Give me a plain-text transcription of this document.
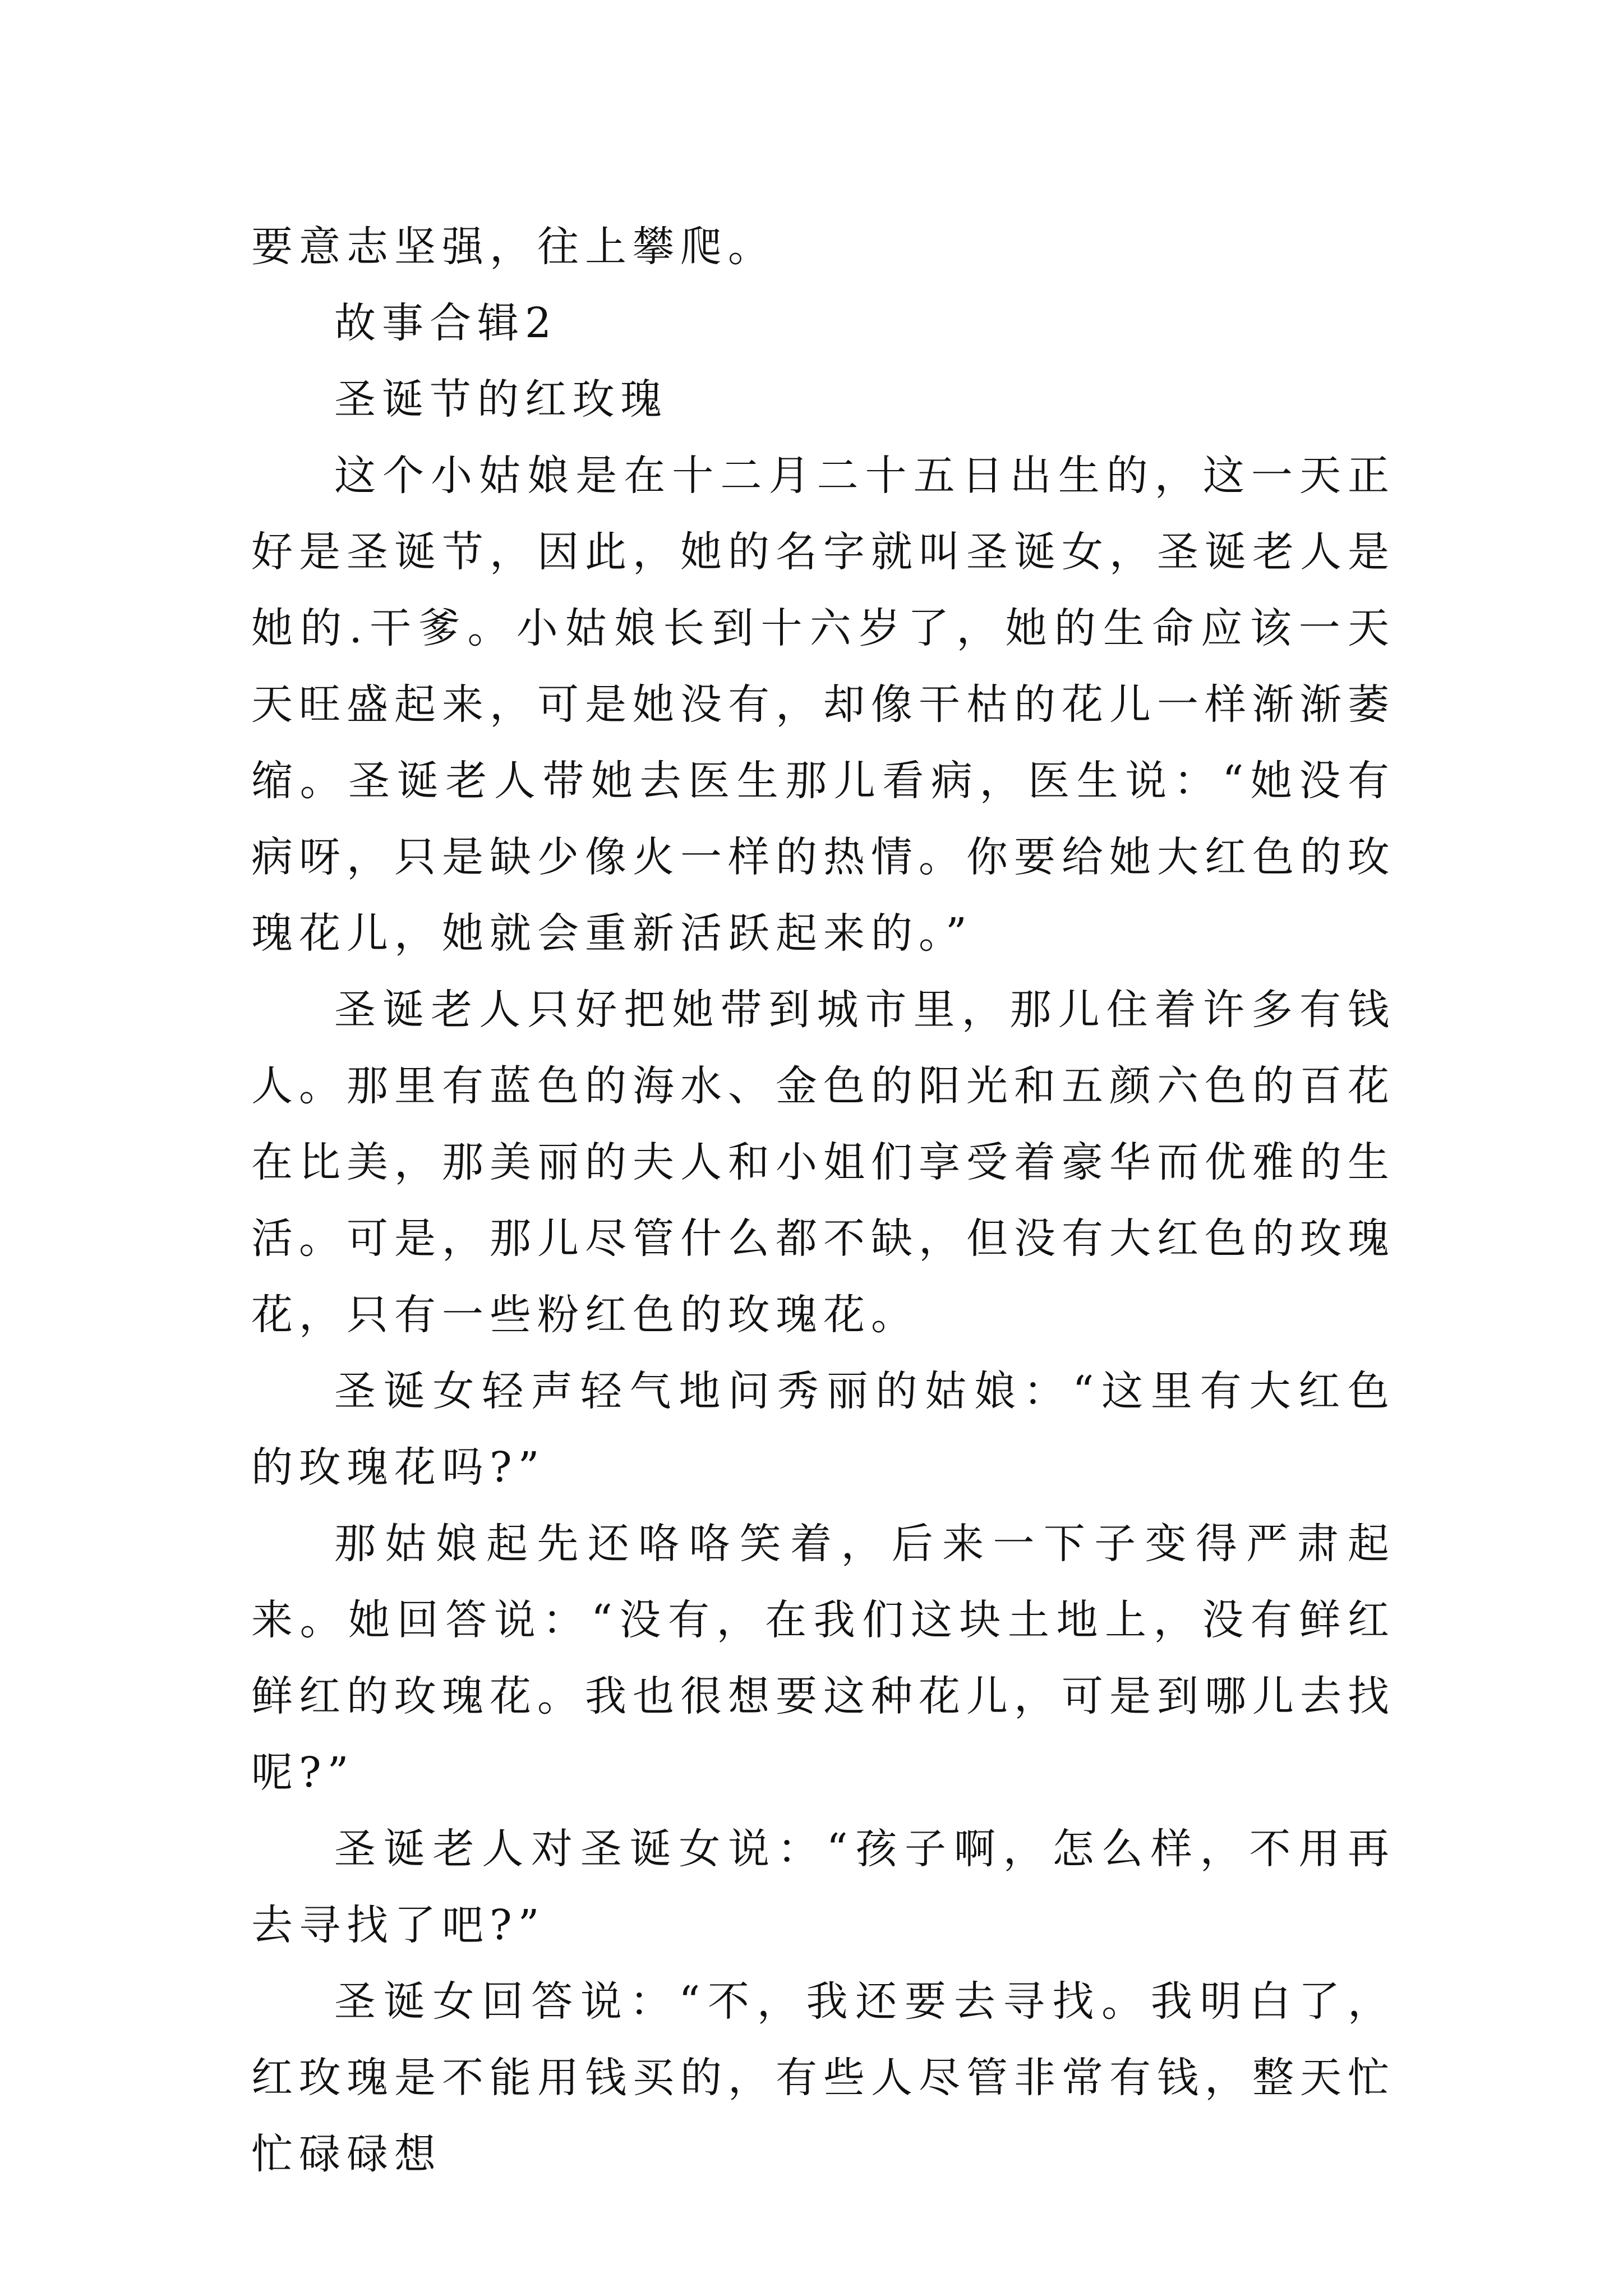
要意志坚强，往上攀爬。

故事合辑2

圣诞节的红玫瑰

这个小姑娘是在十二月二十五日出生的，这一天正好是圣诞节，因此，她的名字就叫圣诞女，圣诞老人是她的.干爹。小姑娘长到十六岁了，她的生命应该一天天旺盛起来，可是她没有，却像干枯的花儿一样渐渐萎缩。圣诞老人带她去医生那儿看病，医生说：“她没有病呀，只是缺少像火一样的热情。你要给她大红色的玫瑰花儿，她就会重新活跃起来的。”

圣诞老人只好把她带到城市里，那儿住着许多有钱人。那里有蓝色的海水、金色的阳光和五颜六色的百花在比美，那美丽的夫人和小姐们享受着豪华而优雅的生活。可是，那儿尽管什么都不缺，但没有大红色的玫瑰花，只有一些粉红色的玫瑰花。

圣诞女轻声轻气地问秀丽的姑娘：“这里有大红色的玫瑰花吗?”

那姑娘起先还咯咯笑着，后来一下子变得严肃起来。她回答说：“没有，在我们这块土地上，没有鲜红鲜红的玫瑰花。我也很想要这种花儿，可是到哪儿去找呢?”

圣诞老人对圣诞女说：“孩子啊，怎么样，不用再去寻找了吧?”

圣诞女回答说：“不，我还要去寻找。我明白了，红玫瑰是不能用钱买的，有些人尽管非常有钱，整天忙忙碌碌想
